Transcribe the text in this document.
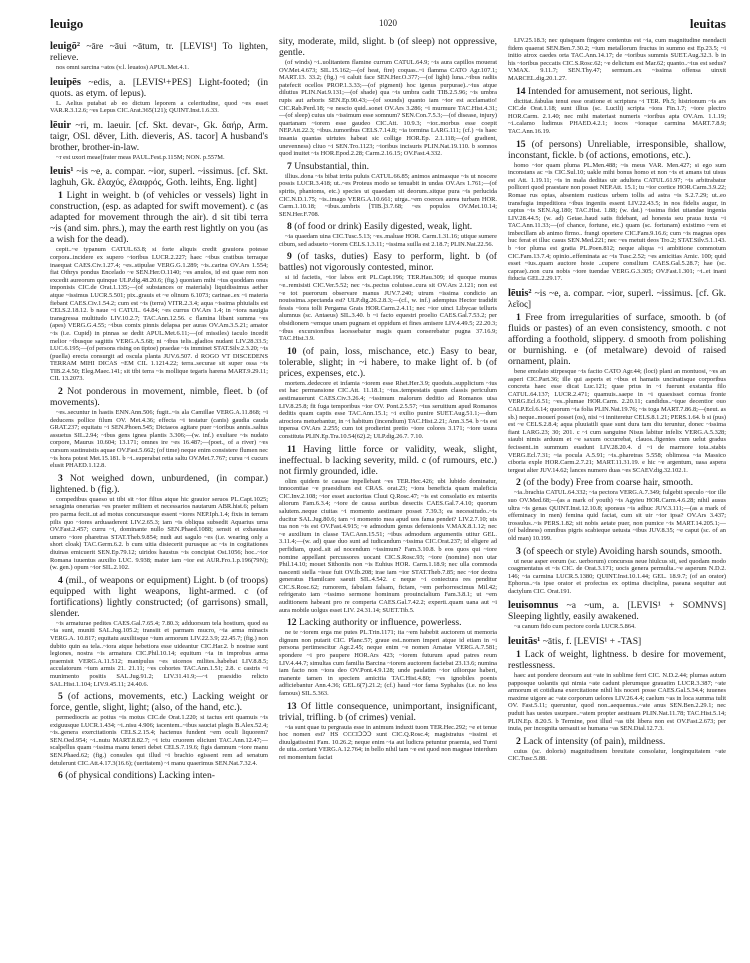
leuigo	1020	leuitas

leuigō² ~āre ~āui ~ātum, tr. [LEVIS¹] To lighten, relieve.

nos omni sarcina ~atos (v.l. leuatos) APUL.Met.4.1.

leuipēs ~edis, a. [LEVIS¹+PES] Light-footed; (in quots. as etym. of lepus).

L. Aelius putabat ab eo dictum leporem a celeritudine, quod ~es esset VAR.R.3.12.6; ~es Lepus CIC.Arat.365(121); QUINT.Inst.1.6.33.

lēuir ~ri, m. laeuir. [cf. Skt. devar-, Gk. δαήρ, Arm. taigr, OSl. děver, Lith. dieveris, AS. tacor] A husband's brother, brother-in-law.

~r est uxori meae[frater meas PAUL.Fest.p.115M; NON. p.557M.

leuis¹ ~is ~e, a. compar. ~ior, superl. ~issimus. [cf. Skt. laghuh, Gk. ἐλαχύς, ἐλαφρός, Goth. leihts, Eng. light]

1 Light in weight. b (of vehicles or vessels) light in construction, (esp. as adapted for swift movement). c (as adapted for movement through the air). d sit tibi terra ~is (and sim. phrs.), may the earth rest lightly on you (as a wish for the dead).

cepit..~e typanum CATUL.63.8; si forte aliquis credit grauiora potesse corpora..incidere ex supero ~ioribus LUCR.2.227; haec ~ibus cratibus terraque inaequat CAES.Civ.1.27.4; ~es..stipulae VERG.G.1.289; ~is..carina OV.Ars 1.554; fiat Othrys pondus Encelado ~e SEN.Her.O.1140; ~es anulos, id est quae rem non excedit aureorum quinque ULP.dig.48.20.6; (fig.) quoniam mihi ~ius quoddam onus imponisis CIC.de Orat.1.135;—(of substances or materials) liquidissimus aether atque ~issimus LUCR.5.501; pix..grauis et ~e olinum 6.1073; carinae..ex ~i materia fiebant CAES.Civ.1.54.2; cum est ~is (terra) VITR.2.3.4; aqua ~issima phiuialis est CELS.2.18.12. b naue ~i CATUL. 64.84; ~es currus OV.Ars 1.4; in ~iora nauigia transgressa multitudo LIV.10.2.7; TAC.Ann.12.56. c flamina libant summa ~es (apes) VERG.G.4.55; ~ibus comix pinnis delapsa per auras OV.Am.3.5.21; amator ~is (i.e. Cupid) in pinnas se dedit APUL.Met.6.11;—(of missiles) iaculo incedit melior ~ibusque sagittis VERG.A.5.68; ni ~ibus telis..gladios nudant LIV.28.33.5; LUC.6.195;—(of persons rising on tiptoe) praedae ~is imminet STAT.Silv.2.3.20; ~is (puella) erecta consurgit ad oscula planta JUV.6.507. d ROGO VT DISCEDENS TERRAM MIHI DICAS ~EM CIL 1.1214.22; terra..securae sit super ossa ~is TIB.2.4.50; Eleg.Maec.141; sit tibi terra ~is mollique tegaris harena MART.9.29.11; CIL 13.2073.

2 Not ponderous in movement, nimble, fleet. b (of movements).

~es..secuntur in hastis ENN.Ann.506; fugit..~is ala Camillae VERG.A.11.868; ~i deducens pollice filum OV. Met.4.36; effecta ~i testatur (canis) gaudia cauda GRAT.237; equitatu ~i SEN.Phoen.545; Dictaeos agitare puer ~ioribus annis..saltus assuetus SIL.2.94; ~ibus gens ignea plantis 3.306;—(w. inf.) exultare ~is nudato corpore, Maurus 10.604; 13.171; omnes ire ~es 16.487;—(poet., of a river) ~es cursum sustinuistis aquae OV.Fast.5.662; (of time) neque enim consistere flumen nec ~is hora potest Met.15.181. b ~i..superabat retia saltu OV.Met.7.767; cursu ~i cucurs elusit PHAED.1.12.8.

3 Not weighed down, unburdened, (in compar.) lightened. b (fig.).

compedibus quaeso ut tibi sit ~ior filius atque hic grauior seruos PL.Capt.1025; sexaginta onerarias ~es praeter militem et necessarios nautarum ABR.hist.6; peltam pro parma fecit..ut ad motus concursusque essent ~iores NEP.Iph.1.4; fixis in terram pilis quo ~iores arduaaderent LIV.2.65.3; iam ~is obliqua subsedit Aquarius urna OV.Fast.2.457; curru ~i, dominante nullo SEN.Phaed.1088; sensit et exhaustas umero ~iore pharetras STAT.Theb.9.854; nudi aut sagulo ~es (i.e. wearing only a short cloak) TAC.Germ.6.2. b cum uitia disiecerit purusque ac ~is in cogitationes diuinas emicuerit SEN.Ep.79.12; uiridos haustus ~is concipiat Ost.1056; hoc..~ior Romana iuuentus auxilio LUC. 9.938; mater iam ~ior est AUR.Fro.1.p.196(79N); (w. gen.) opum ~ior SIL.2.102.

4 (mil., of weapons or equipment) Light. b (of troops) equipped with light weapons, light-armed. c (of fortifications) lightly constructed; (of garrisons) small, slender.

~is armaturae pedites CAES.Gal.7.65.4; 7.80.3; adduorsum tela hostium, quod ea ~ia sunt, muniti SAL.Jug.105.2; transiit et parmam mucro, ~ia arma minacis VERG.A. 10.817; equitatu auxiliisque ~ium armorum LIV.22.3.9; 22.45.7; (fig.) non dubito quin ea tela..~iora atque hebetiora esse uideantur CIC.Har.2. b nostrae sunt legiones, nostra ~is armatura CIC.Phil.10.14; equitum ~ia in improbus arma praemisit VERG.A.11.512; manipulus ~es uicenos milites..habebat LIV.8.8.5; acculatorum ~ium armis 21. 21.11; ~es cohortes TAC.Ann.1.51; 2.8. c castris ~i munimento positis SAL.Jug.91.2; LIV.31.41.9;—~i praesidio relicto SAL.Hist.1.104; LIV.9.45.11; 24.40.6.

5 (of actions, movements, etc.) Lacking weight or force, gentle, slight, light; (also, of the hand, etc.).

permediocris ac potius ~is motus CIC.de Orat.1.220; si tactus erit quamuis ~is exiguusque LUCR.1.434; ~i..nisu 4.906; iacentem..~ibus sauciat plagis B.Alex.52.4; ~is..genera exercitationis CELS.2.15.4; hactenus fundent ~em oculi liquorem? SEN.Oed.954; ~i..nutu MART.8.82.7; ~i ictu cruorem eliciunt TAC.Ann.12.47;—scalpellus quam ~issima manu teneri debet CELS.7.19.6; figis damnum ~iore manu SEN.Phaed.62; (fig.) consules qui illud ~i brachio egissent rem ad senatum detulerunt CIC.Att.4.17.3(16.6); (ueritatem) ~i manu quaerimus SEN.Nat.7.32.4.

6 (of physical conditions) Lacking inten-

sity, moderate, mild, slight. b (of sleep) not oppressive, gentle.

(of winds) ~i..uolitantem flamine currum CATUL.64.9; ~is aura capillos mouerat OV.Met.4.673; SIL.15.162;—(of heat, fire) coquas..~i flamma CATO Agr.107.1; MART.13. 33.2; (fig.) ~i caluit face SEN.Her.O.377;—(of light) luna..~ibus radiis patefecit ocellos PROP.1.3.33;—(of pigment) hoc igenus purpurae)..~ius atque dilutius PLIN.Nat.9.131;—(of shade) qua ~is umbra cadit TIB.2.5.96; ~is umbra rupis aut arboris SEN.Ep.90.43;—(of sounds) quanto iam ~ior est acclamatio! CIC.Rab.Perd.18; ~e nescio quid..sonet OV.Ars 3.286; ~i murmure TAC.Hist.4.31;—(of sleep) cuius uis ~issimum esse somnum? SEN.Con.7.5.3;—(of disease, injury) quartanam ~iorem esse gaudeo CIC.Att. 10.9.3; ~ior..morbus esse coepit NEP.Att.22.3; ~ibus..tumoribus CELS.7.14.8; ~ia tormina LARG.111; (cf.) ~is haec insania quantas uirtutes habeat sic collige HOR.Ep. 2.1.118;—(of gradient, unevenness) cliuo ~i SEN.Tro.1123; ~ioribus incisuris PLIN.Nat.19.110. b somnos quod inuitet ~is HOR.Epod.2.28; Carm.2.16.15; OV.Fast.4.332.

7 Unsubstantial, thin.

illius..dona ~is bibat irrita puluis CATUL.66.85; animos animasque ~is ut noscere possis LUCR.3.418; ut..~es Proteus modo se tenuabit in undas OV.Ars 1.761;—(of spirits, phantoms, etc.) species ut quaedam sit deorum..sitque pura ~is perlucida CIC.N.D.1.75; ~is..imago VERG.A.10.661; uirga..~em coerces aurea turbam HOR. Carm.1.10.18; ~ibus..umbris [TIB.]3.7.68; ~es populos OV.Met.10.14; SEN.Her.F.708.

8 (of food or drink) Easily digested, weak, light.

~ia quaedam uina CIC.Tusc.5.13; ~es..maluae HOR. Carm.1.31.16; utique sumere cibum, sed adsueto ~iorem CELS.1.3.11; ~issima suilla est 2.18.7; PLIN.Nat.22.56.

9 (of tasks, duties) Easy to perform, light. b (of battles) not vigorously contested, minor.

si id facietis, ~ior labos erit PL.Capt.196; TER.Hau.309; id quoque munus ~e..remisisti CIC.Ver.5.52; nec ~is..pectus coluisse..cura sit OV.Ars 2.121; non est ~e tot puerorum observare manus JUV.7.240; utrum ~issima condicio an nouissima..spectanda est? ULP.dig.26.2.8.3;—(cf., w. inf.) ademptus Hector tradidit fessis ~iora tolli Pergama Grais HOR.Carm.2.4.11; nec ~ior uinci Libycae telluris alumnus (sc. Antaeus) SIL.3.40. b ~i facto equestri proelio CAES.Gal.7.53.2; per obsidionem ~emque unam pugnam et oppidum et fines amisere LIV.4.49.5; 22.20.3; ~ibus excursionibus lacessebatur magis quam conserebatur pugna 37.16.9; TAC.Hist.3.9.

10 (of pain, loss, mischance, etc.) Easy to bear, tolerable, slight; in ~i habere, to make light of. b (of prices, expenses, etc.).

mortem..dedecore et infamia ~iorem esse Rhet.Her.3.9; quoduis..supplicium ~ius est hac permansione CIC.Att. 11.18.1; ~ius..tempestatis quam classis periculum aestimauerunt CAES.Civ.3.26.4; ~issimum malorum deditio ad Romanos uisa LIV.8.25.8; fit fuga temporibus ~ior OV. Pont.2.5.57; ~ius seruitium apud Romanos deditis quam captis esse TAC.Ann.15.1; ~i exilio punire SUET.Aug.51.1;—dum atrociora metuebantur, in ~i habitum (incendium) TAC.Hist.2.21; Ann.3.54. b ~is est inpensa OV.Ars 2.255; cum tot prodierint pretio ~iore colores 3.171; ~iore usura constituta PLIN.Ep.Tra.10.54(62).2; ULP.dig.26.7. 7.10.

11 Having little force or validity, weak, slight, ineffectual. b lacking severity, mild. c (of rumours, etc.) not firmly grounded, idle.

olim quidem te causae inpellebant ~es TER.Hec.426; ubi lubido dominatur, innocentiae ~e praesidium est CRAS. orat.23; ~iora beneficia quam maleficia CIC.Inv.2.108; ~ior esset auctoritas Cluui Q.Rosc.47; ~is est consolatio ex miseriis aliorum Fam.6.3.4; ~iore de causa auribus desectis CAES.Gal.7.4.10; quorum salutem..neque ciuitas ~i momento aestimare posset 7.39.3; ea necessitudo..~is ducitur SAL.Jug.80.6; tam ~i momento mea apud uos fama pendet? LIV.2.7.10; uis tua non ~is est OV.Fast.4.915; ~e admodum genus defensionis V.MAX.8.1.12; nec ~e auxilium in classe TAC.Ann.15.51; ~ibus admodum argumentis utitur GEL. 3.11.4;—(w. ad) quae duo sunt ad iudicandum ~issima CIC.Orat.237; id eligere ad perfidiam, quod..sit ad nocendum ~issimum? Fam.3.10.8. b eos quos qui ~iore nomine appellant percussores uocant CIC.S.Rosc.93; ~iore (nomine) non utar Phil.14.10; mouet Sithoniis non ~is Euhius HOR. Carm.1.18.9; nec ulla commoda nascenti stella ~isue fuit OV.Ib.208; irae iam ~ior STAT.Theb.7.85; nec ~ior dextra generatus Hamilcare saeuit SIL.4.542. c neque ~i coniectura res penditur CIC.S.Rosc.62; rumorem, fabulam falsam, fictam, ~em perhorrescimus Mil.42; refrigerato iam ~issimo sermone hominum prouincialium Fam.3.8.1; ut ~em auditionem habeant pro re comperta CAES.Gal.7.42.2; experti..quam uana aut ~i aura mobile uolgus esset LIV. 24.31.14; SUET.Tib.5.

12 Lacking authority or influence, powerless.

ne te ~iorem erga me putes PL.Trin.1171; ita ~em habebit auctorem ut memoria dignum non putarit CIC. Planc.57; graue est..nomen imperi atque id etiam in ~i persona pertimescitur Agr.2.45; neque enim ~e nomen Amatae VERG.A.7.581; spondere ~i pro paupere HOR.Ars 423; ~iorem futurum apud patres reum LIV.4.44.7; simultas cum familia Barcina ~iorem auctorem faciebat 23.13.6; numina iam facto non ~iora deo OV.Pont.4.9.128; unde paulatim ~ior uiliorque haberi, manente tamen in speciem amicitia TAC.Hist.4.80; ~es ignobiles poenis adficiebantur Ann.4.36; GEL.6(7).21.2; (cf.) haud ~ior fama Syphalus (i.e. no less famous) SIL.5.363.

13 Of little consequence, unimportant, insignificant, trivial, trifling. b (of crimes) venial.

~ia sunt quae tu pergrauia esse in animum induxti tuom TER.Hec.292; ~e et tenue hoc nomen est? HS CCCIↃↃↃ sunt CIC.Q.Rosc.4; magistratus ~issimi et diuulgatissimi Fam. 10.26.2; neque enim ~ia aut ludicra petuntur praemia, sed Turni de uita..certant VERG.A.12.764; in bello nihil tam ~e est quod non magnae interdum rei momentum faciat

LIV.25.18.3; nec quisquam fingere contentus est ~ia, cum magnitudine mendacii fidem quaerat SEN.Ben.7.30.2; ~ium metallorum fructus in summo est Ep.23.5; ~i initio atrox caedes orta TAC.Ann.14.17; de ~ioribus summis SUET.Aug.32.3. b in his ~ioribus peccatis CIC.S.Rosc.62; ~e delictum est Mar.62; quanto..~ius est sedus? V.MAX. 9.11.7; SEN.Thy.47; sermum..ex ~issima offensa uinxit MARCEL.dig.20.1.27.

14 Intended for amusement, not serious, light.

dictitat..fabulas tenui esse oratione et scriptura ~i TER. Ph.5; histrionum ~is ars CIC.de Orat.1.18; sunt illius (sc. Lucili) scripta ~iora Fin.1.7; ~iore plectro HOR.Carm. 2.1.40; nec mihi materiast numeris ~ioribus apta OV.Am. 1.1.19; ~i..calamo ludimus PHAED.4.2.1; iocos ~ioraque carmina MART.7.8.9; TAC.Ann.16.19.

15 (of persons) Unreliable, irresponsible, shallow, inconstant, fickle. b (of actions, emotions, etc.).

homo ~ior quam pluma PL.Men.488; ~is meus VAR. Men.427; si ego sum inconstans ac ~is CIC.Sul.10; uakle mihi bonus homo et non ~is et amans tui uisus est Att. 1.19.11; ~is in mala deditas uir adultera CATUL.61.97; ~is arbitrabatur polliceri quod praestare non posset NEP.Att. 15.1; tu ~ior cortice HOR.Carm.3.9.22; Romae rus optas, absentem rusticus urbem tollis ad astra ~is S.2.7.29; ut..eo transfugia impeditiora ~ibus ingeniis essent LIV.22.43.5; in nos fidelis augur, in captus ~is SEN.Ag.180; TAC.Hist. 1.88; (w. dat.) ~issima fidei uitandae ingenia LIV.28.44.5; (w. ad) Getae..haud satis fidebant, ad honesta seu praua iuxta ~i TAC.Ann.11.33;—(of chance, fortune, etc.) quam (sc. fortunam) existimo ~em et imbecillam ab animo firmo.. frangi oportere CIC.Fam.9.16.6; cum ~is magnas opes huc ferat et illuc casus SEN.Med.221; nec ~es metuit deos Tro.2; STAT.Silv.5.1.143. b ~ior pluma est gratia PL.Poen.812; neque aliqua ~i ambitione commotum CIC.Fam.13.7.4; opinio..effeminata ac ~is Tusc.2.52; ~es amicitias Amic. 100; quid esset ~ius..quam auctore hoste ..cupere consilium CAES.Gal.5.28.7; hae (sc. caprae)..non cura nobis ~iore tuendae VERG.G.3.305; OV.Fast.1.301; ~i..et inani fiducia GEL.2.29.17.

lēuis² ~is ~e, a. compar. ~ior, superl. ~issimus. [cf. Gk. λεῖος]

1 Free from irregularities of surface, smooth. b (of fluids or pastes) of an even consistency, smooth. c not affording a foothold, slippery. d smooth from polishing or burnishing. e (of metalware) devoid of raised ornament, plain.

bene emolato stirpesque ~is facito CATO Agr.44; (loci) plani an montuosi, ~es an asperi CIC.Part.36; ille qui asperis et ~ibus et hamatis uncinatisque corporibus concreta haec esse dicat Luc.121; quae prius in ~i fuerunt exstantia filo CATUL.64.137; LUCR.2.471; quamuis..saepe in ~i quaesisset cornua fronte VERG.Ecl.6.51; ~es..plumae HOR.Carm. 2.20.11; candidus..~ique decentior ouo CALP.Ecl.6.14; quorum ~ia folia PLIN.Nat.19.76; ~is toga MART.7.86.8;—(neut. as sb.) neque..mouerí posset (os), nisi ~i inniteretur CELS.8.1.21; PERS.1.64. b si (pus) est ~e CELS.2.8.4; aqua pluuiatili quae sunt dura tam diu teruntur, donec ~issima fiant LARG.23; 30; 201. c ~i cum sanguine Nisus labitur infelix VERG.A.5.328; siaubi nimis arduum et ~e saxum occurrebat, clauos..figentes cum uelut gradus fecissent..in summum euadunt LIV.28.20.4. d ~i de marmore tota..stabis VERG.Ecl.7.31; ~ia pocula A.5.91; ~is..pharetras 5.558; oblimosa ~ia Massico ciboria exple HOR.Carm.2.7.21; MART.11.31.19. e hic ~e argentum, uasa aspera tergeat alter JUV.14.62; lances numero duas ~es SCAEV.dig.32.102.1.

2 (of the body) Free from coarse hair, smooth.

~ia..brachia CATUL.64.332; ~ia pectora VERG.A.7.349; fulgebit speculo ~ior ille suo OV.Med.68;—(as a mark of youth) ~is Agyieu HOR.Carm.4.6.28; nihil ausus ultra ~is genas QUINT.Inst.12.10.8; sponsus ~is adhuc JUV.3.111;—(as a mark of effeminacy in men) femina quid faciat, cum sit uir ~ior ipsa? OV.Ars 3.437; trossulus..~is PERS.1.82; sit nobis aetate puer, non pumice ~is MART.14.205.1;—(of baldness) omnibus pigris scabieque uetusta ~ibus JUV.8.35; ~e caput (sc. of an old man) 10.199.

3 (of speech or style) Avoiding harsh sounds, smooth.

ut neue asper eorum (sc. uerborum) concursus neue hiulcus sit, sed quodam modo coagmentatus et ~is CIC. de Orat.3.171; uocis genera permulta..~e asperum N.D.2. 146; ~ia carmina LUCR.5.1380; QUINT.Inst.10.1.44; GEL. 18.9.7; (of an orator) Ephorus..~is ipse orator et profectus ex optima disciplina, paeana sequitur aut dactylum CIC. Orat.191.

leuisomnus ~a ~um, a. [LEVIS¹ + SOMNVS] Sleeping lightly, easily awakened.

~a canum fido cum pectore corda LUCR.5.864.

leuitās¹ ~ātis, f. [LEVIS¹ + -TAS]

1 Lack of weight, lightness. b desire for movement, restlessness.

haec aut pondere deorsum aut ~ate in sublime ferri CIC. N.D.2.44; plumas autum papposque uolantis qui nimia ~ate cadunt plerumque grauatim LUCR.3.387; ~ate armorum et cotidiana exercitatione nihil his noceri posse CAES.Gal.5.34.4; iuuenes maxime uigore ac ~ate corporum uelores LIV.26.4.4; caelum ~as in loca summa tulit OV. Fast.5.11; queruntur, quod non..aequemus..~ate anus SEN.Ben.2.29.1; nec puduit has uestes usurpare..~atem propter aestiuam PLIN.Nat.11.78; TAC.Hist.5.14; PLIN.Ep. 8.20.5. b Termine, post illud ~as tibi libera non est OV.Fast.2.673; per inuia, per incognita uersauit se humana ~as SEN.Dial.12.7.3.

2 Lack of intensity (of pain), mildness.

cuius (sc. doloris) magnitudinem breuitate consolatur, longinquitatem ~ate CIC.Tusc.5.88.
